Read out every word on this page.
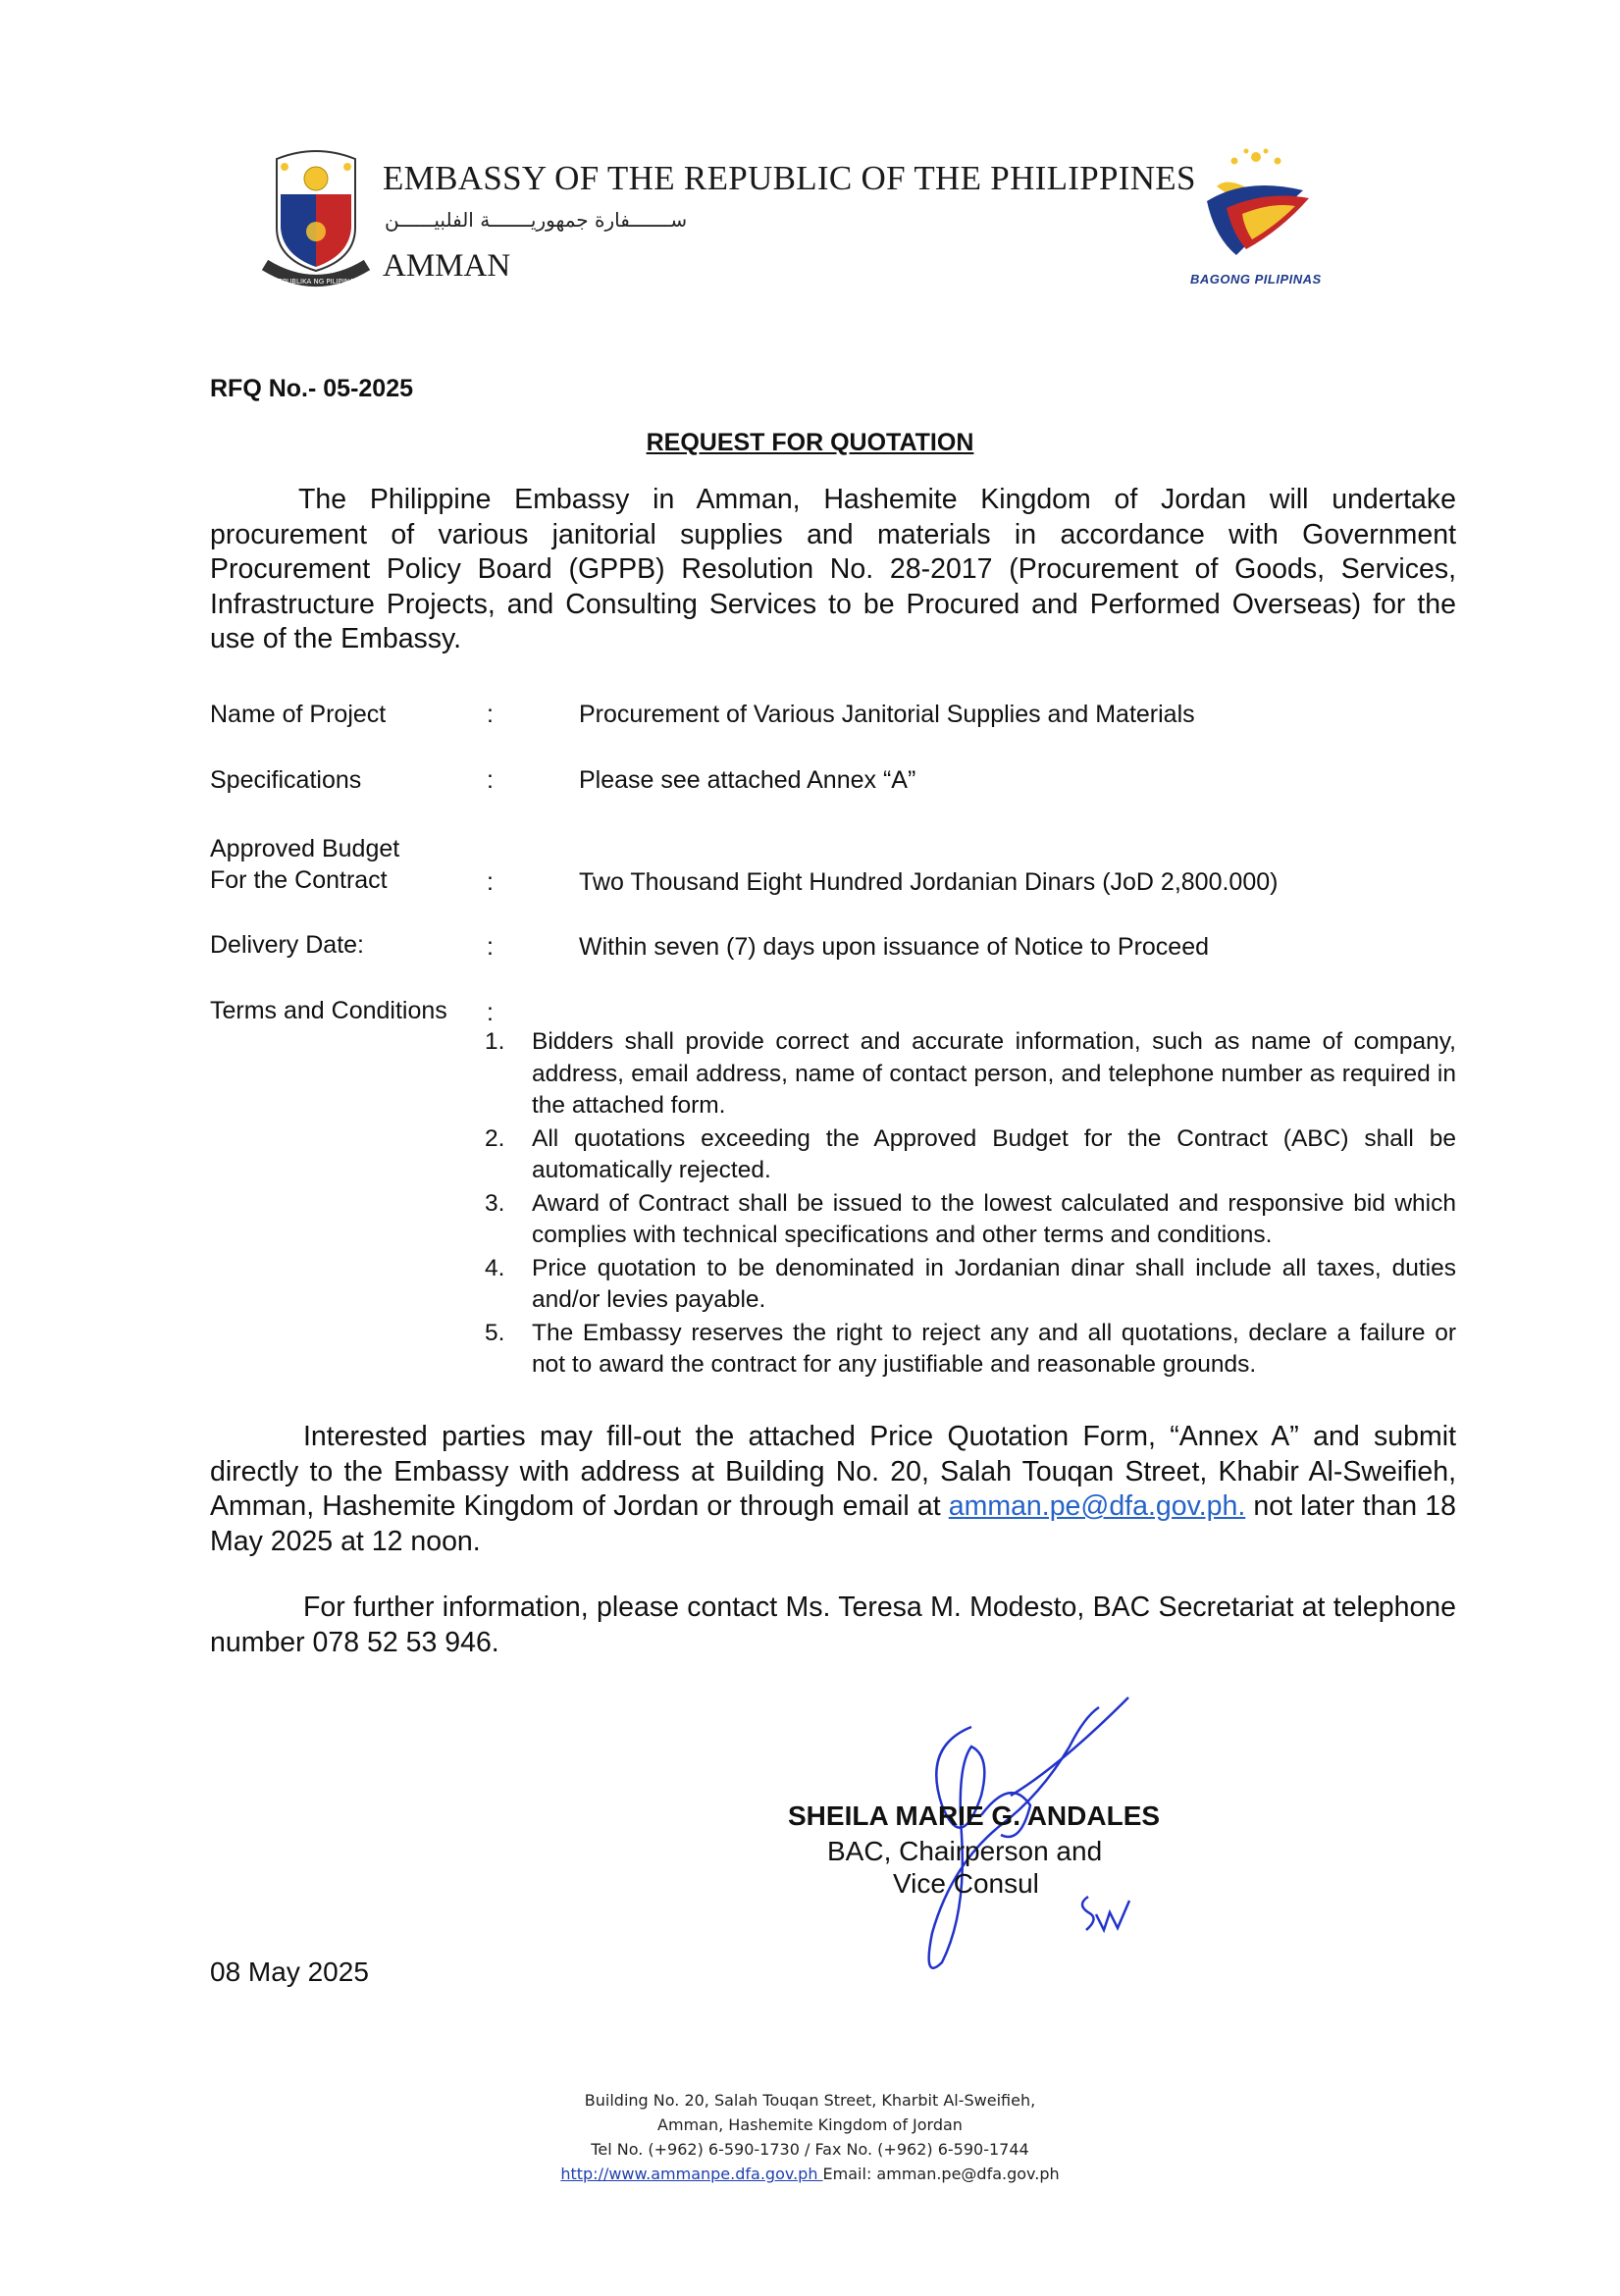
REPUBLIKA NG PILIPINAS
EMBASSY OF THE REPUBLIC OF THE PHILIPPINES
ســـــــفارة جمهوريـــــــة الفلبيــــــن
AMMAN	BAGONG PILIPINAS
RFQ No.- 05-2025
REQUEST FOR QUOTATION
The Philippine Embassy in Amman, Hashemite Kingdom of Jordan will undertake procurement of various janitorial supplies and materials in accordance with Government Procurement Policy Board (GPPB) Resolution No. 28-2017 (Procurement of Goods, Services, Infrastructure Projects, and Consulting Services to be Procured and Performed Overseas) for the use of the Embassy.
Name of Project	:	Procurement of Various Janitorial Supplies and Materials
Specifications	:	Please see attached Annex “A”
Approved Budget
For the Contract	:	Two Thousand Eight Hundred Jordanian Dinars (JoD 2,800.000)
Delivery Date:	:	Within seven (7) days upon issuance of Notice to Proceed
Terms and Conditions :
1. Bidders shall provide correct and accurate information, such as name of company, address, email address, name of contact person, and telephone number as required in the attached form.
2. All quotations exceeding the Approved Budget for the Contract (ABC) shall be automatically rejected.
3. Award of Contract shall be issued to the lowest calculated and responsive bid which complies with technical specifications and other terms and conditions.
4. Price quotation to be denominated in Jordanian dinar shall include all taxes, duties and/or levies payable.
5. The Embassy reserves the right to reject any and all quotations, declare a failure or not to award the contract for any justifiable and reasonable grounds.
Interested parties may fill-out the attached Price Quotation Form, “Annex A” and submit directly to the Embassy with address at Building No. 20, Salah Touqan Street, Khabir Al-Sweifieh, Amman, Hashemite Kingdom of Jordan or through email at amman.pe@dfa.gov.ph. not later than 18 May 2025 at 12 noon.
For further information, please contact Ms. Teresa M. Modesto, BAC Secretariat at telephone number 078 52 53 946.
SHEILA MARIE G. ANDALES
BAC, Chairperson and
Vice Consul
08 May 2025
Building No. 20, Salah Touqan Street, Kharbit Al-Sweifieh,
Amman, Hashemite Kingdom of Jordan
Tel No. (+962) 6-590-1730 / Fax No. (+962) 6-590-1744
http://www.ammanpe.dfa.gov.ph Email: amman.pe@dfa.gov.ph
